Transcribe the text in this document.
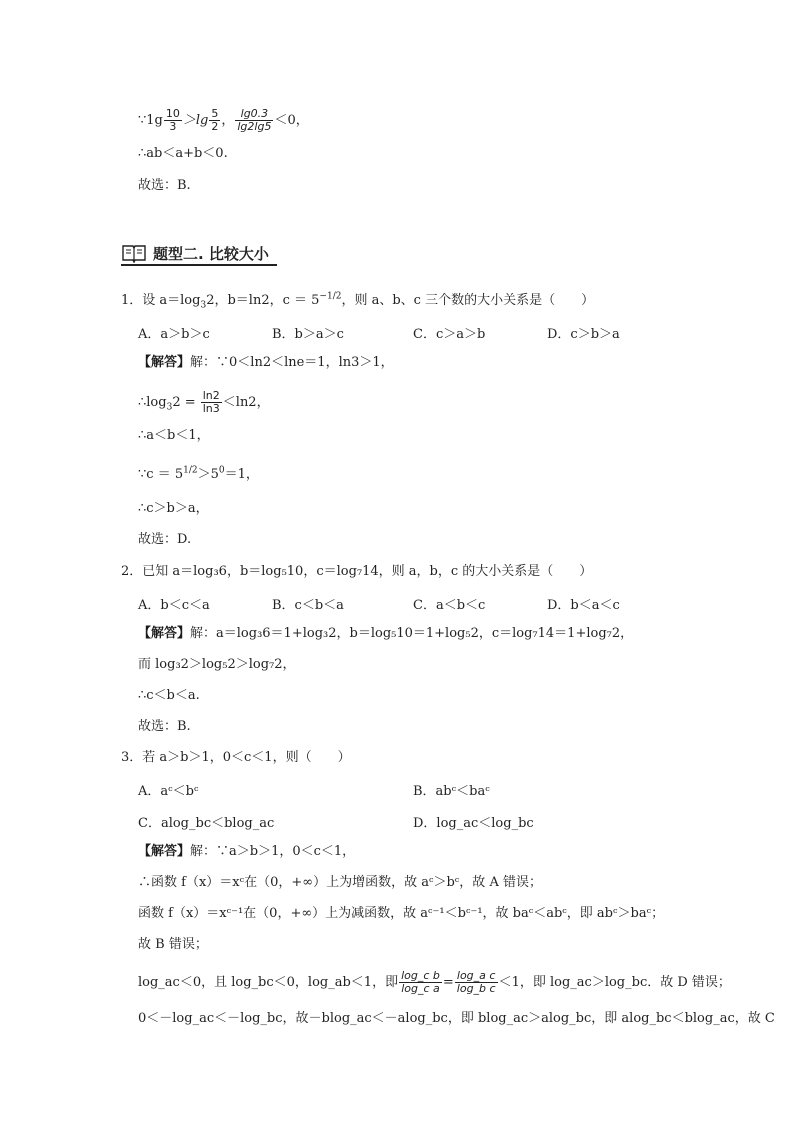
∵1g $\frac{10}{3} >\lg \frac{5}{2}$ ， $\frac{\lg 0.3}{\lg 2\lg 5} <0$，
∴ab＜a+b＜0.
故选：B.
题型二. 比较大小
1．设 $a=\log_32$，b＝ln2，$c = 5^{-1/2}$，则 a、b、c 三个数的大小关系是（　　）
A．a＞b＞c	B．b＞a＞c	C．c＞a＞b	D．c＞b＞a
【解答】解：∵0＜ln2＜lne＝1，ln3＞1，
$\therefore\log_32 = \frac{\ln 2}{\ln 3} <\ln 2$，
∴a＜b＜1，
∵c ＝ $5^{1/2}>5^0=1$，
∴c＞b＞a，
故选：D.
2．已知 a＝log₃6，b＝log₅10，c＝log₇14，则 a，b，c 的大小关系是（　　）
A．b＜c＜a	B．c＜b＜a	C．a＜b＜c	D．b＜a＜c
【解答】解：a＝log₃6＝1+log₃2，b＝log₅10＝1+log₅2，c＝log₇14＝1+log₇2，
而 log₃2＞log₅2＞log₇2，
∴c＜b＜a.
故选：B.
3．若 a＞b＞1，0＜c＜1，则（　　）
A．aᶜ＜bᶜ	B．abᶜ＜baᶜ
C．alog_bc＜blog_ac	D．log_ac＜log_bc
【解答】解：∵a＞b＞1，0＜c＜1，
∴函数 f（x）＝xᶜ在（0，+∞）上为增函数，故 aᶜ＞bᶜ，故 A 错误；
函数 f（x）＝xᶜ⁻¹在（0，+∞）上为减函数，故 aᶜ⁻¹＜bᶜ⁻¹，故 baᶜ＜abᶜ，即 abᶜ＞baᶜ；
故 B 错误；
log_ac＜0，且 log_bc＜0，log_ab＜1，即 $\frac{\text{log\_c b}}{\text{log\_c a}} = \frac{\text{log\_a c}}{\text{log\_b c}} <1$，即 log_ac＞log_bc．故 D 错误；
0＜－log_ac＜－log_bc，故－blog_ac＜－alog_bc，即 blog_ac＞alog_bc，即 alog_bc＜blog_ac，故 C
